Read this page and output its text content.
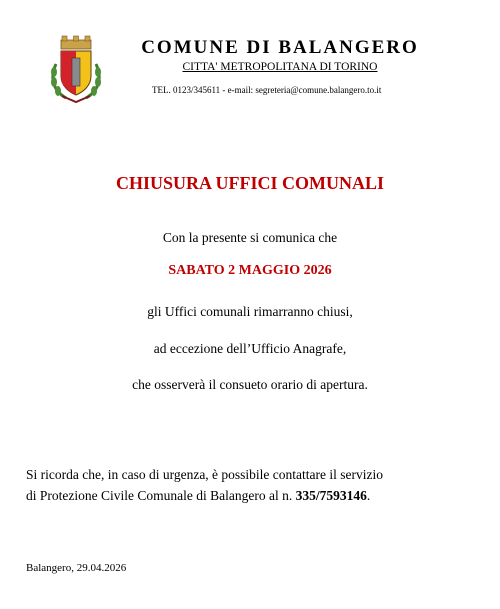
COMUNE DI BALANGERO
CITTA' METROPOLITANA DI TORINO
TEL. 0123/345611 - e-mail: segreteria@comune.balangero.to.it
CHIUSURA UFFICI COMUNALI
Con la presente si comunica che
SABATO 2 MAGGIO 2026
gli Uffici comunali rimarranno chiusi,
ad eccezione dell’Ufficio Anagrafe,
che osserverà il consueto orario di apertura.
Si ricorda che, in caso di urgenza, è possibile contattare il servizio
di Protezione Civile Comunale di Balangero al n. 335/7593146.
Balangero, 29.04.2026
